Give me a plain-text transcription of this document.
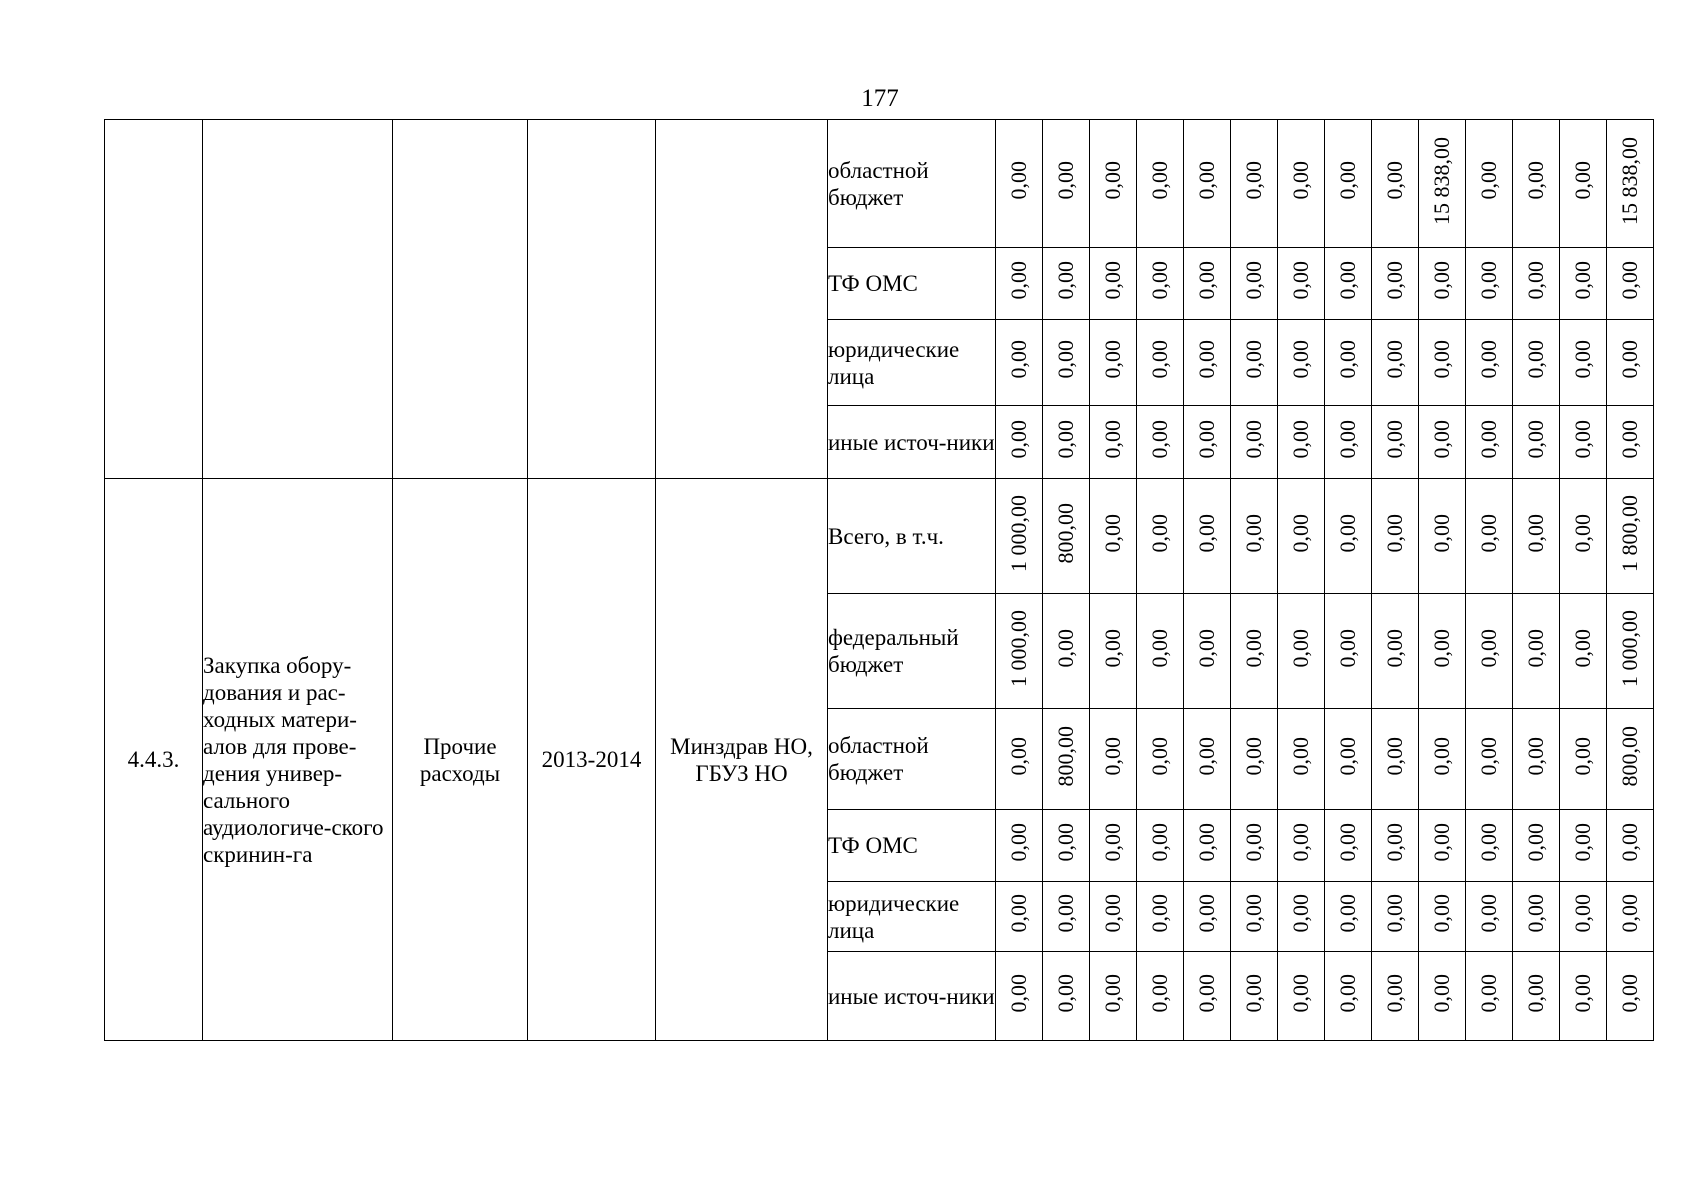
177
					областной бюджет	0,00	0,00	0,00	0,00	0,00	0,00	0,00	0,00	0,00	15 838,00	0,00	0,00	0,00	15 838,00
					ТФ ОМС	0,00	0,00	0,00	0,00	0,00	0,00	0,00	0,00	0,00	0,00	0,00	0,00	0,00	0,00
					юридические лица	0,00	0,00	0,00	0,00	0,00	0,00	0,00	0,00	0,00	0,00	0,00	0,00	0,00	0,00
					иные источ-ники	0,00	0,00	0,00	0,00	0,00	0,00	0,00	0,00	0,00	0,00	0,00	0,00	0,00	0,00
4.4.3.	Закупка обору-дования и рас-ходных матери-алов для прове-дения универ-сального аудиологиче-ского скринин-га	Прочие расходы	2013-2014	Минздрав НО, ГБУЗ НО	Всего, в т.ч.	1 000,00	800,00	0,00	0,00	0,00	0,00	0,00	0,00	0,00	0,00	0,00	0,00	0,00	1 800,00
					федеральный бюджет	1 000,00	0,00	0,00	0,00	0,00	0,00	0,00	0,00	0,00	0,00	0,00	0,00	0,00	1 000,00
					областной бюджет	0,00	800,00	0,00	0,00	0,00	0,00	0,00	0,00	0,00	0,00	0,00	0,00	0,00	800,00
					ТФ ОМС	0,00	0,00	0,00	0,00	0,00	0,00	0,00	0,00	0,00	0,00	0,00	0,00	0,00	0,00
					юридические лица	0,00	0,00	0,00	0,00	0,00	0,00	0,00	0,00	0,00	0,00	0,00	0,00	0,00	0,00
					иные источ-ники	0,00	0,00	0,00	0,00	0,00	0,00	0,00	0,00	0,00	0,00	0,00	0,00	0,00	0,00
